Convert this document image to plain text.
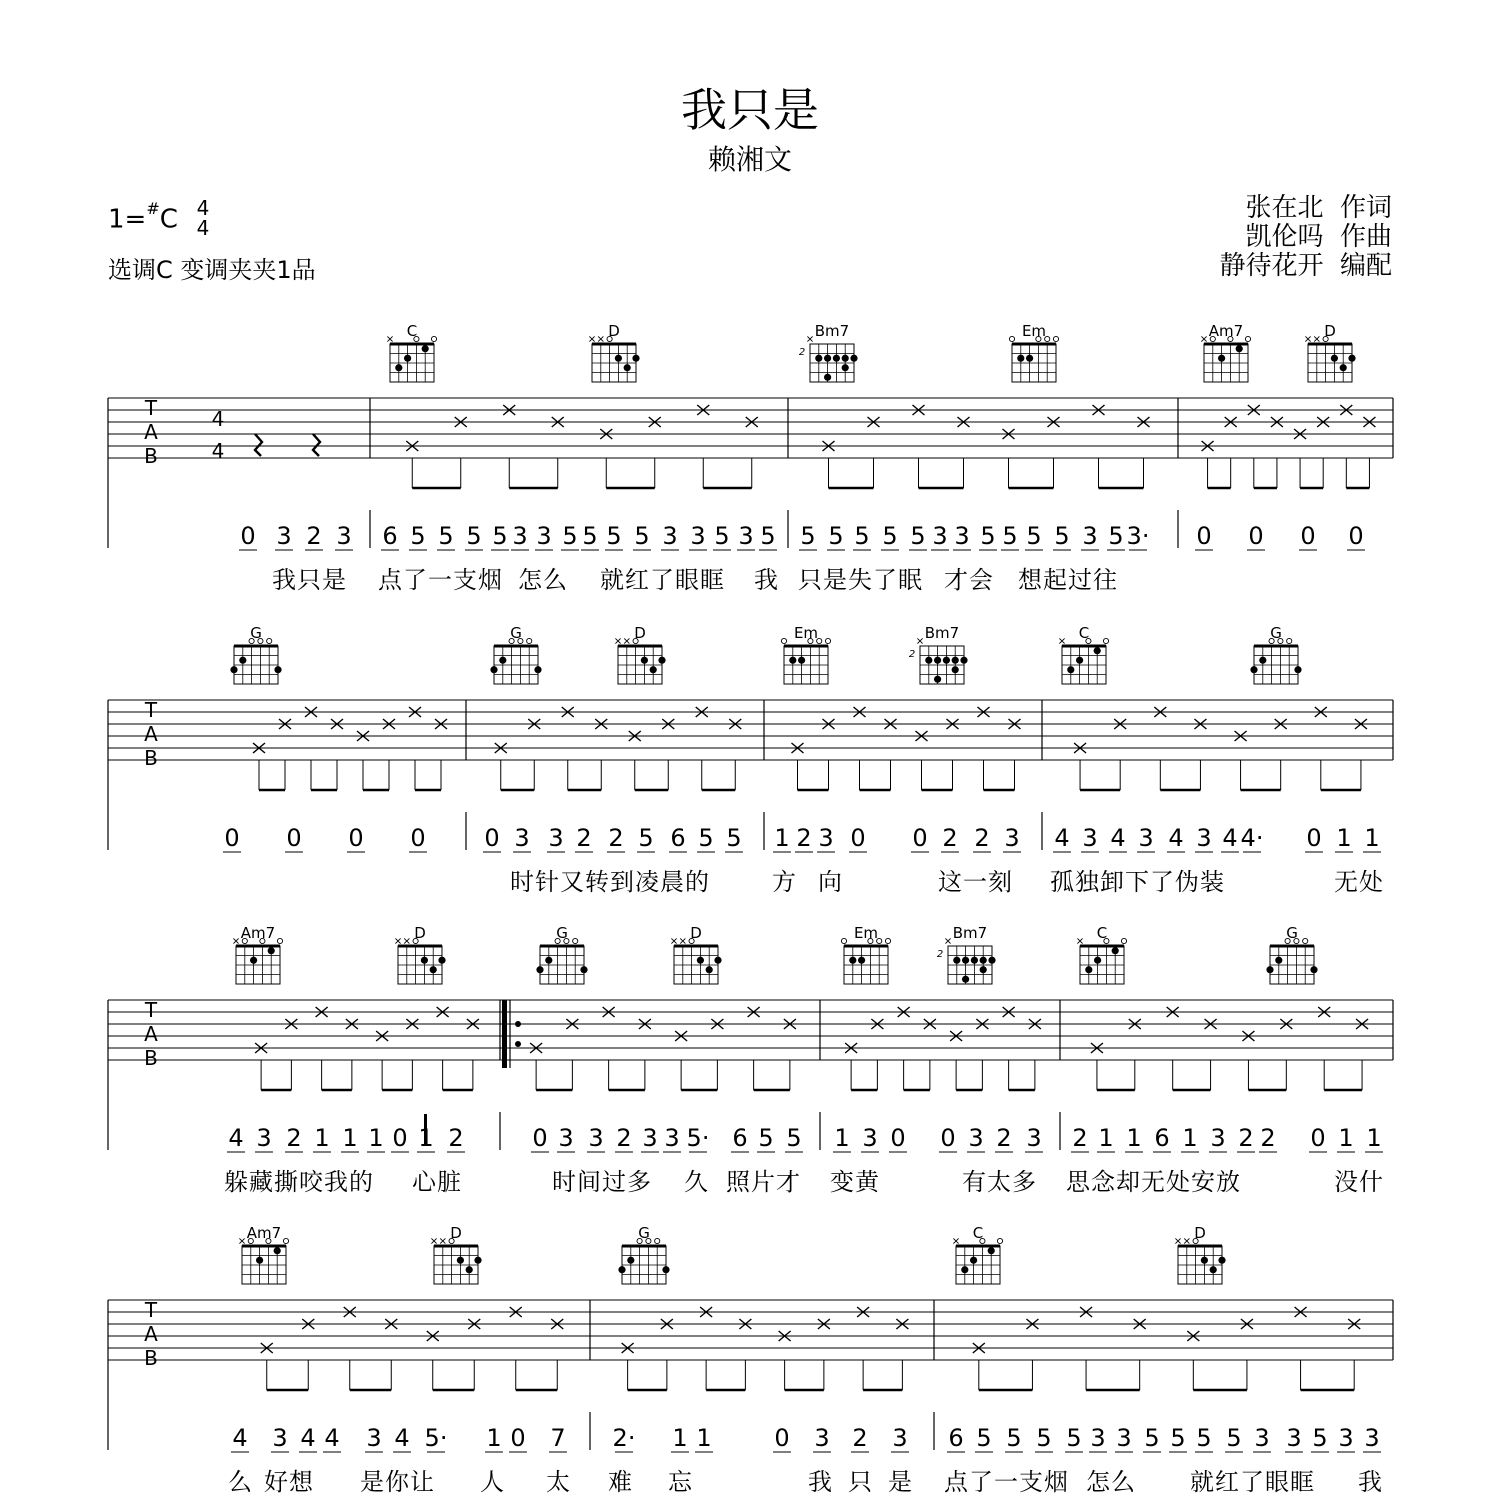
我只是
赖湘文
1=#C 4
4
选调C 变调夹夹1品
张在北  作词
凯伦吗  作曲
静待花开  编配
C	D	Bm7
2
Em	Am7	D
T
A
B
0 3 2 3 6 5 5 5 5 3 3 5 5 5 5 3 3 5 3 5 5 5 5 5 5 3 3 5 5 5 5 3 5 3· 0 0 0 0
我只是 点了一支烟 怎么 就红了眼眶 我 只是失了眠 才会 想起过往
G	G	D	Em	Bm7
2
C	G
T
A
B
0 0 0 0 0 3 3 2 2 5 6 5 5 1 2 3 0 0 2 2 3 4 3 4 3 4 3 4 4· 0 1 1
时针又转到凌晨的	方 向	这一刻 孤独卸下了伪装	无处
Am7	D	G	D	Em	Bm7
2
C	G
T
A
B
4 3 2 1 1 1 0 1 2	0 3 3 2 3 3 5· 6 5 5 1 3 0 0 3 2 3 2 1 1 6 1 3 2 2 0 1 1
躲藏撕咬我的 心脏	时间过多 久 照片才 变黄	有太多 思念却无处安放	没什
Am7	D	G	C	D
T
A
B
4 3 4 4 3 4 5· 1 0 7 2· 1 1	0 3 2 3 6 5 5 5 5 3 3 5 5 5 5 3 3 5 3 3
么 好想 是你让 人 太 难 忘	我 只 是 点了一支烟 怎么 就红了眼眶 我
4
4
